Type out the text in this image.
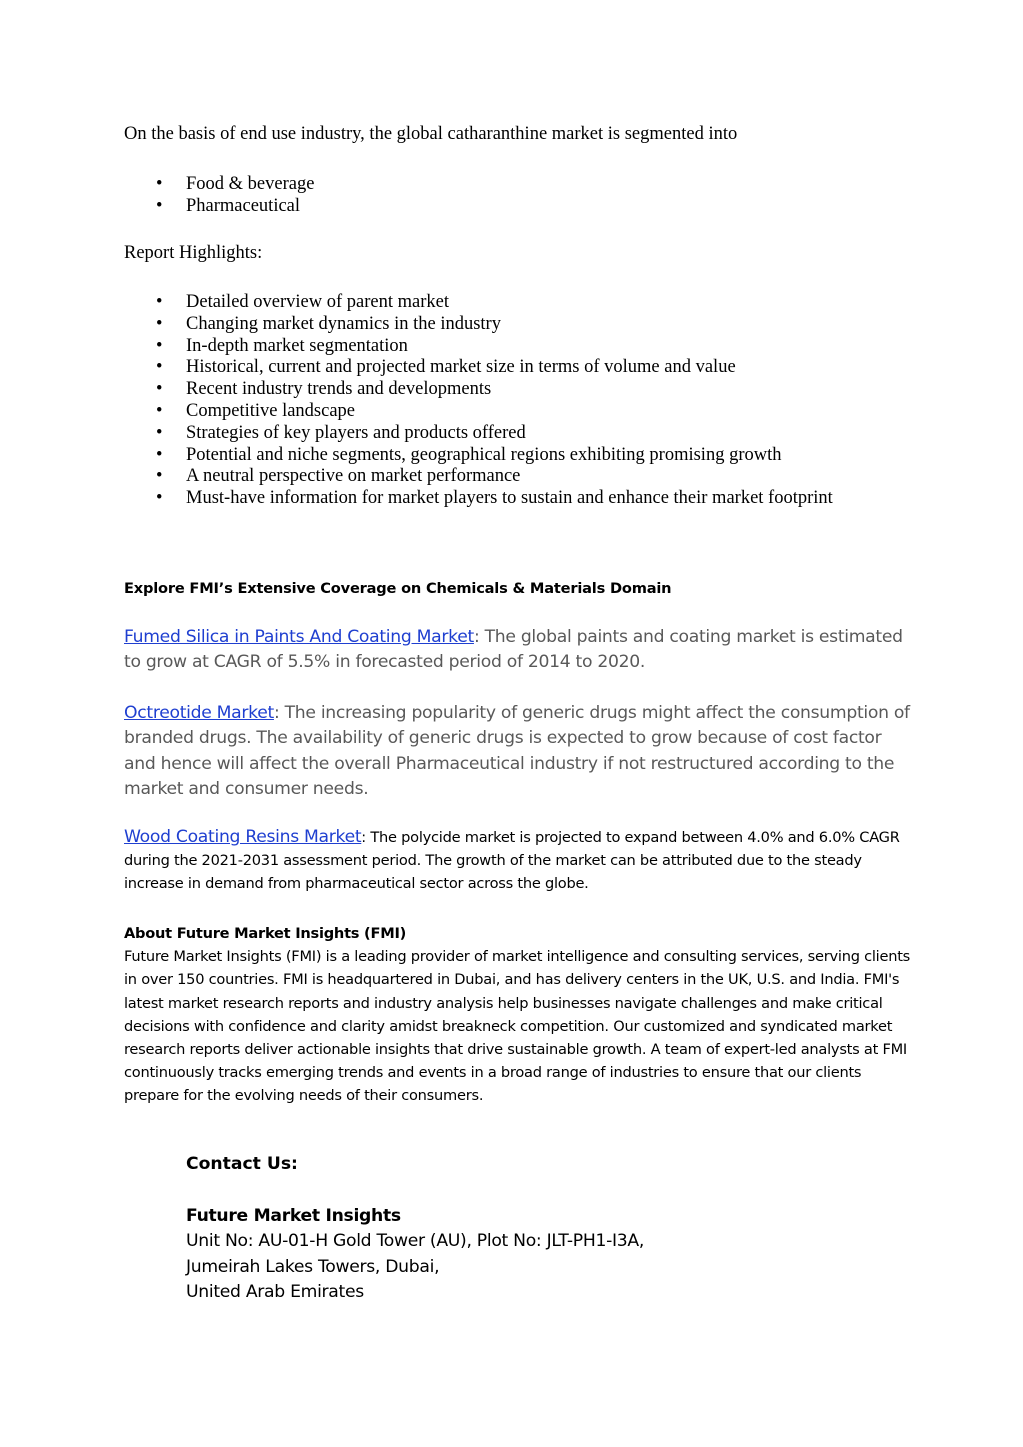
On the basis of end use industry, the global catharanthine market is segmented into
• Food & beverage
• Pharmaceutical
Report Highlights:
• Detailed overview of parent market
• Changing market dynamics in the industry
• In-depth market segmentation
• Historical, current and projected market size in terms of volume and value
• Recent industry trends and developments
• Competitive landscape
• Strategies of key players and products offered
• Potential and niche segments, geographical regions exhibiting promising growth
• A neutral perspective on market performance
• Must-have information for market players to sustain and enhance their market footprint
Explore FMI’s Extensive Coverage on Chemicals & Materials Domain
Fumed Silica in Paints And Coating Market: The global paints and coating market is estimated to grow at CAGR of 5.5% in forecasted period of 2014 to 2020.
Octreotide Market: The increasing popularity of generic drugs might affect the consumption of branded drugs. The availability of generic drugs is expected to grow because of cost factor and hence will affect the overall Pharmaceutical industry if not restructured according to the market and consumer needs.
Wood Coating Resins Market: The polycide market is projected to expand between 4.0% and 6.0% CAGR during the 2021-2031 assessment period. The growth of the market can be attributed due to the steady increase in demand from pharmaceutical sector across the globe.
About Future Market Insights (FMI)
Future Market Insights (FMI) is a leading provider of market intelligence and consulting services, serving clients in over 150 countries. FMI is headquartered in Dubai, and has delivery centers in the UK, U.S. and India. FMI's latest market research reports and industry analysis help businesses navigate challenges and make critical decisions with confidence and clarity amidst breakneck competition. Our customized and syndicated market research reports deliver actionable insights that drive sustainable growth. A team of expert-led analysts at FMI continuously tracks emerging trends and events in a broad range of industries to ensure that our clients prepare for the evolving needs of their consumers.
Contact Us:
Future Market Insights
Unit No: AU-01-H Gold Tower (AU), Plot No: JLT-PH1-I3A,
Jumeirah Lakes Towers, Dubai,
United Arab Emirates
